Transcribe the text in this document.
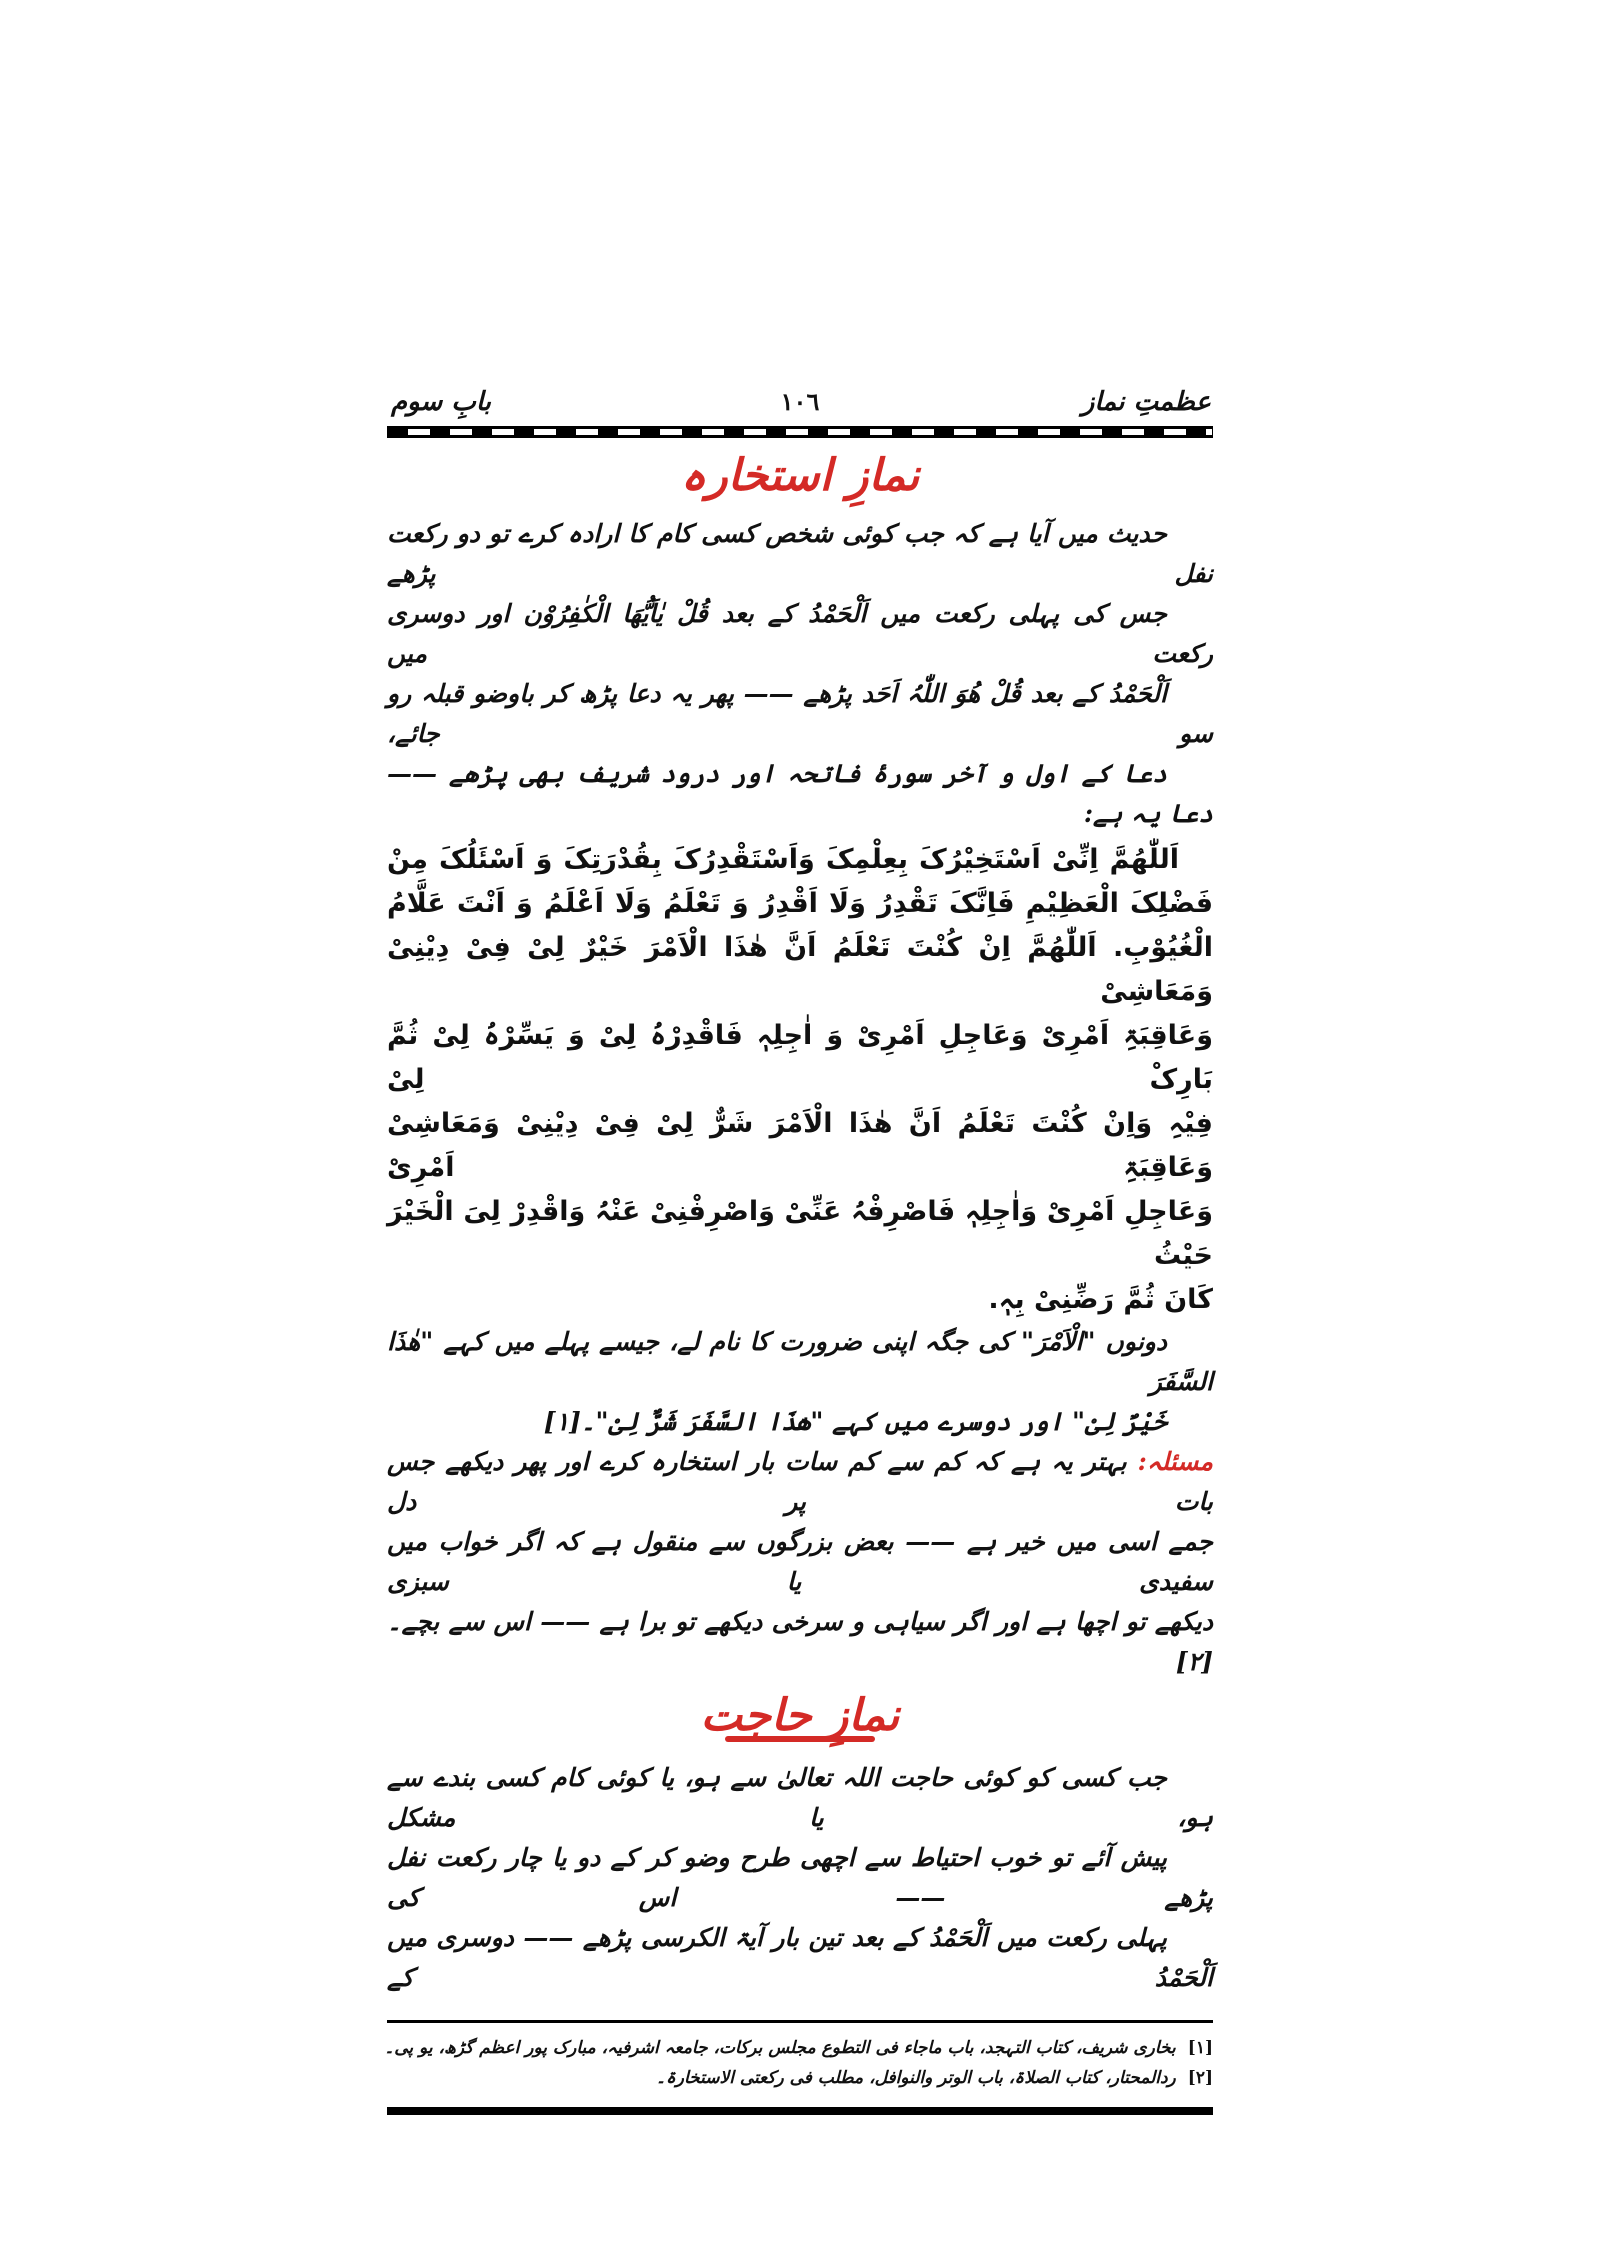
عظمتِ نماز
١٠٦
بابِ سوم
نمازِ استخارہ

حدیث میں آیا ہے کہ جب کوئی شخص کسی کام کا ارادہ کرے تو دو رکعت نفل پڑھے
جس کی پہلی رکعت میں اَلْحَمْدُ کے بعد قُلْ یٰاَیُّھَا الْکٰفِرُوْن اور دوسری رکعت میں
اَلْحَمْدُ کے بعد قُلْ ھُوَ اللّٰہُ اَحَد پڑھے —— پھر یہ دعا پڑھ کر باوضو قبلہ رو سو جائے،
دعا کے اول و آخر سورۂ فاتحہ اور درود شریف بھی پڑھے —— دعا یہ ہے:

اَللّٰھُمَّ اِنِّیْ اَسْتَخِیْرُکَ بِعِلْمِکَ وَاَسْتَقْدِرُکَ بِقُدْرَتِکَ وَ اَسْئَلُکَ مِنْ
فَضْلِکَ الْعَظِیْمِ فَاِنَّکَ تَقْدِرُ وَلَا اَقْدِرُ وَ تَعْلَمُ وَلَا اَعْلَمُ وَ اَنْتَ عَلَّامُ
الْغُیُوْبِ. اَللّٰھُمَّ اِنْ کُنْتَ تَعْلَمُ اَنَّ ھٰذَا الْاَمْرَ خَیْرٌ لِیْ فِیْ دِیْنِیْ وَمَعَاشِیْ
وَعَاقِبَۃِ اَمْرِیْ وَعَاجِلِ اَمْرِیْ وَ اٰجِلِہٖ فَاقْدِرْہُ لِیْ وَ یَسِّرْہُ لِیْ ثُمَّ بَارِکْ لِیْ
فِیْہِ وَاِنْ کُنْتَ تَعْلَمُ اَنَّ ھٰذَا الْاَمْرَ شَرٌّ لِیْ فِیْ دِیْنِیْ وَمَعَاشِیْ وَعَاقِبَۃِ اَمْرِیْ
وَعَاجِلِ اَمْرِیْ وَاٰجِلِہٖ فَاصْرِفْہُ عَنِّیْ وَاصْرِفْنِیْ عَنْہُ وَاقْدِرْ لِیَ الْخَیْرَ حَیْثُ
کَانَ ثُمَّ رَضِّنِیْ بِہٖ.

دونوں "الْاَمْرَ" کی جگہ اپنی ضرورت کا نام لے، جیسے پہلے میں کہے "ھٰذَا السَّفَرَ
خَیْرٌ لِیْ" اور دوسرے میں کہے "ھٰذَا السَّفَرَ شَرٌّ لِیْ"۔[١]

مسئلہ: بہتر یہ ہے کہ کم سے کم سات بار استخارہ کرے اور پھر دیکھے جس بات پر دل
جمے اسی میں خیر ہے —— بعض بزرگوں سے منقول ہے کہ اگر خواب میں سفیدی یا سبزی
دیکھے تو اچھا ہے اور اگر سیاہی و سرخی دیکھے تو برا ہے —— اس سے بچے۔[٢]

نمازِ حاجت

جب کسی کو کوئی حاجت اللہ تعالیٰ سے ہو، یا کوئی کام کسی بندے سے ہو، یا مشکل
پیش آئے تو خوب احتیاط سے اچھی طرح وضو کر کے دو یا چار رکعت نفل پڑھے —— اس کی
پہلی رکعت میں اَلْحَمْدُ کے بعد تین بار آیۃ الکرسی پڑھے —— دوسری میں اَلْحَمْدُ کے

[١]بخاری شریف، کتاب التہجد، باب ماجاء فی التطوع مجلس برکات، جامعہ اشرفیہ، مبارک پور اعظم گڑھ، یو پی۔
[٢]ردالمحتار، کتاب الصلاۃ، باب الوتر والنوافل، مطلب فی رکعتی الاستخارۃ۔
